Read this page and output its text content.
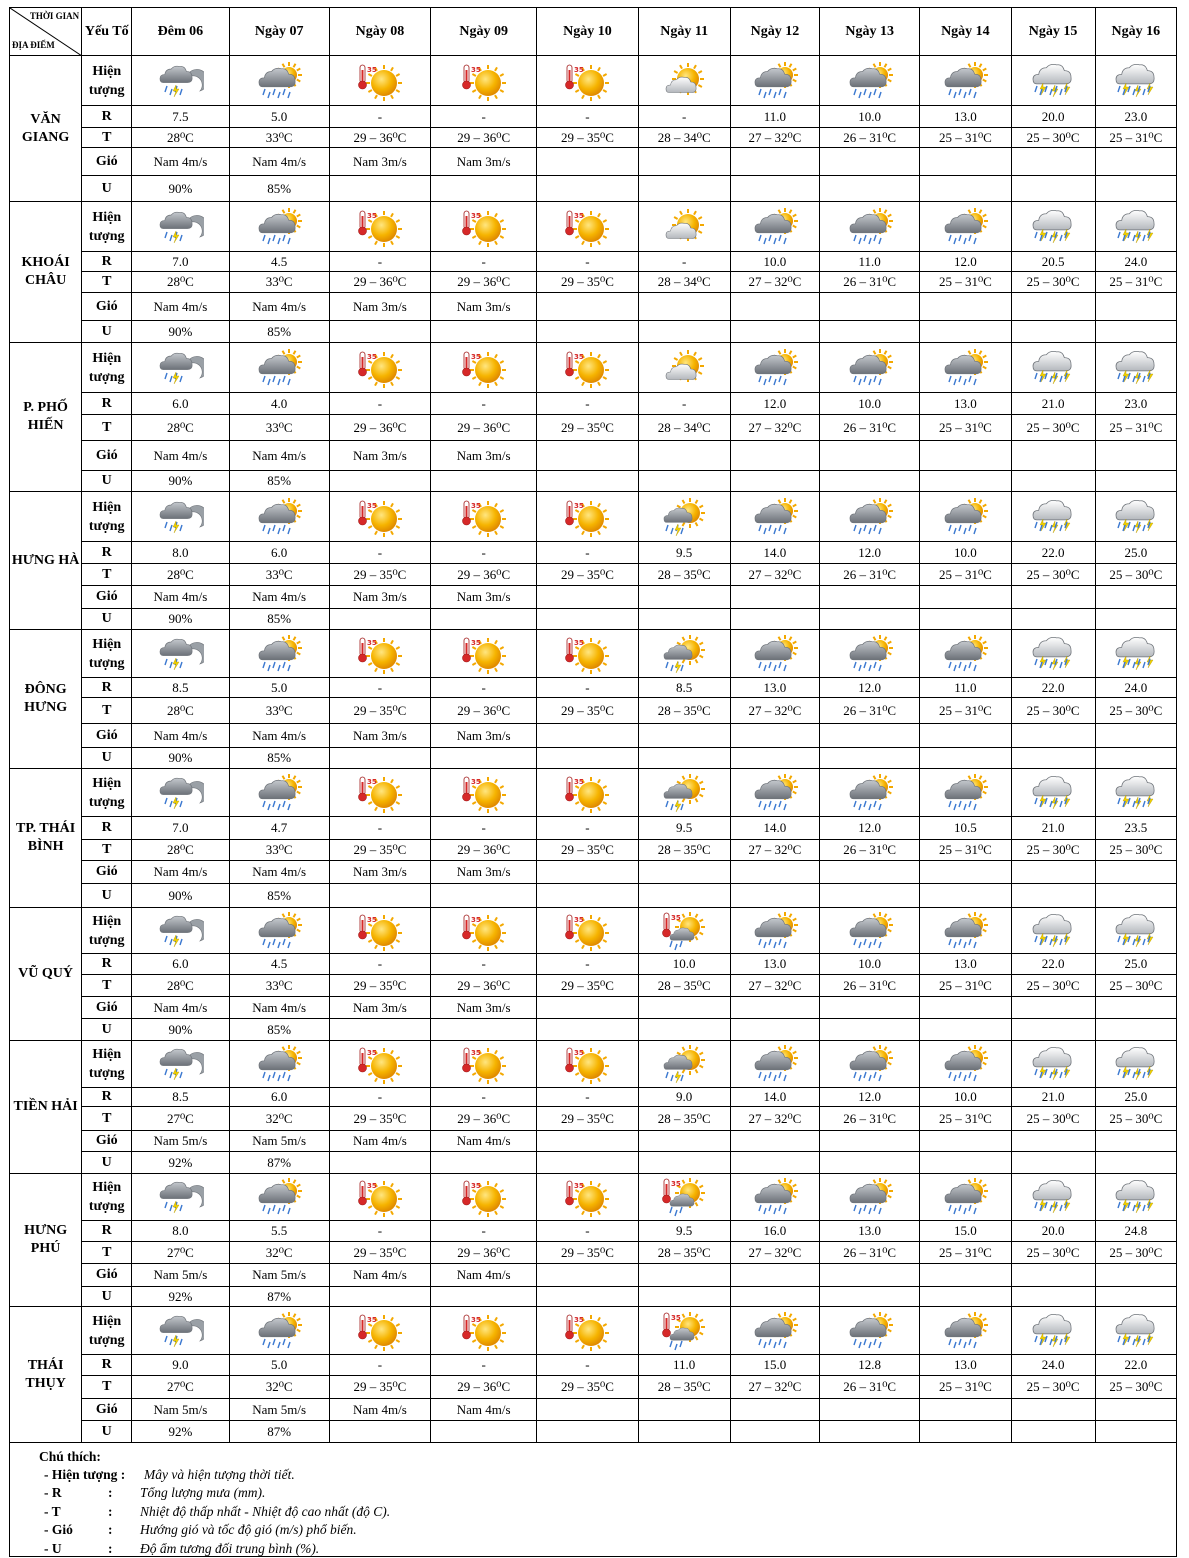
THỜI GIAN
ĐỊA ĐIỂM	Yếu Tố	Đêm 06	Ngày 07	Ngày 08	Ngày 09	Ngày 10	Ngày 11	Ngày 12	Ngày 13	Ngày 14	Ngày 15	Ngày 16
VĂN GIANG	Hiện tượng			35	35	35

	R	7.5	5.0	-	-	-	-	11.0	10.0	13.0	20.0	23.0
	T	28⁰C	33⁰C	29 – 36⁰C	29 – 36⁰C	29 – 35⁰C	28 – 34⁰C	27 – 32⁰C	26 – 31⁰C	25 – 31⁰C	25 – 30⁰C	25 – 31⁰C
	Gió	Nam 4m/s	Nam 4m/s	Nam 3m/s	Nam 3m/s							
	U	90%	85%									
KHOÁI CHÂU	Hiện tượng			35	35	35

	R	7.0	4.5	-	-	-	-	10.0	11.0	12.0	20.5	24.0
	T	28⁰C	33⁰C	29 – 36⁰C	29 – 36⁰C	29 – 35⁰C	28 – 34⁰C	27 – 32⁰C	26 – 31⁰C	25 – 31⁰C	25 – 30⁰C	25 – 31⁰C
	Gió	Nam 4m/s	Nam 4m/s	Nam 3m/s	Nam 3m/s							
	U	90%	85%									
P. PHỐ HIẾN	Hiện tượng			35	35	35

	R	6.0	4.0	-	-	-	-	12.0	10.0	13.0	21.0	23.0
	T	28⁰C	33⁰C	29 – 36⁰C	29 – 36⁰C	29 – 35⁰C	28 – 34⁰C	27 – 32⁰C	26 – 31⁰C	25 – 31⁰C	25 – 30⁰C	25 – 31⁰C
	Gió	Nam 4m/s	Nam 4m/s	Nam 3m/s	Nam 3m/s							
	U	90%	85%									
HƯNG HÀ	Hiện tượng			35	35	35

	R	8.0	6.0	-	-	-	9.5	14.0	12.0	10.0	22.0	25.0
	T	28⁰C	33⁰C	29 – 35⁰C	29 – 36⁰C	29 – 35⁰C	28 – 35⁰C	27 – 32⁰C	26 – 31⁰C	25 – 31⁰C	25 – 30⁰C	25 – 30⁰C
	Gió	Nam 4m/s	Nam 4m/s	Nam 3m/s	Nam 3m/s							
	U	90%	85%									
ĐÔNG HƯNG	Hiện tượng			35	35	35

	R	8.5	5.0	-	-	-	8.5	13.0	12.0	11.0	22.0	24.0
	T	28⁰C	33⁰C	29 – 35⁰C	29 – 36⁰C	29 – 35⁰C	28 – 35⁰C	27 – 32⁰C	26 – 31⁰C	25 – 31⁰C	25 – 30⁰C	25 – 30⁰C
	Gió	Nam 4m/s	Nam 4m/s	Nam 3m/s	Nam 3m/s							
	U	90%	85%									
TP. THÁI BÌNH	Hiện tượng			35	35	35

	R	7.0	4.7	-	-	-	9.5	14.0	12.0	10.5	21.0	23.5
	T	28⁰C	33⁰C	29 – 35⁰C	29 – 36⁰C	29 – 35⁰C	28 – 35⁰C	27 – 32⁰C	26 – 31⁰C	25 – 31⁰C	25 – 30⁰C	25 – 30⁰C
	Gió	Nam 4m/s	Nam 4m/s	Nam 3m/s	Nam 3m/s							
	U	90%	85%									
VŨ QUÝ	Hiện tượng			35	35	35	35

	R	6.0	4.5	-	-	-	10.0	13.0	10.0	13.0	22.0	25.0
	T	28⁰C	33⁰C	29 – 35⁰C	29 – 36⁰C	29 – 35⁰C	28 – 35⁰C	27 – 32⁰C	26 – 31⁰C	25 – 31⁰C	25 – 30⁰C	25 – 30⁰C
	Gió	Nam 4m/s	Nam 4m/s	Nam 3m/s	Nam 3m/s							
	U	90%	85%									
TIỀN HẢI	Hiện tượng			35	35	35

	R	8.5	6.0	-	-	-	9.0	14.0	12.0	10.0	21.0	25.0
	T	27⁰C	32⁰C	29 – 35⁰C	29 – 36⁰C	29 – 35⁰C	28 – 35⁰C	27 – 32⁰C	26 – 31⁰C	25 – 31⁰C	25 – 30⁰C	25 – 30⁰C
	Gió	Nam 5m/s	Nam 5m/s	Nam 4m/s	Nam 4m/s							
	U	92%	87%									
HƯNG PHÚ	Hiện tượng			35	35	35	35

	R	8.0	5.5	-	-	-	9.5	16.0	13.0	15.0	20.0	24.8
	T	27⁰C	32⁰C	29 – 35⁰C	29 – 36⁰C	29 – 35⁰C	28 – 35⁰C	27 – 32⁰C	26 – 31⁰C	25 – 31⁰C	25 – 30⁰C	25 – 30⁰C
	Gió	Nam 5m/s	Nam 5m/s	Nam 4m/s	Nam 4m/s							
	U	92%	87%									
THÁI THỤY	Hiện tượng			35	35	35	35

	R	9.0	5.0	-	-	-	11.0	15.0	12.8	13.0	24.0	22.0
	T	27⁰C	32⁰C	29 – 35⁰C	29 – 36⁰C	29 – 35⁰C	28 – 35⁰C	27 – 32⁰C	26 – 31⁰C	25 – 31⁰C	25 – 30⁰C	25 – 30⁰C
	Gió	Nam 5m/s	Nam 5m/s	Nam 4m/s	Nam 4m/s							
	U	92%	87%									
Chú thích:
- Hiện tượng : Mây và hiện tượng thời tiết.
- R	: Tổng lượng mưa (mm).
- T	: Nhiệt độ thấp nhất - Nhiệt độ cao nhất (độ C).
- Gió	: Hướng gió và tốc độ gió (m/s) phổ biến.
- U	: Độ ẩm tương đối trung bình (%).
